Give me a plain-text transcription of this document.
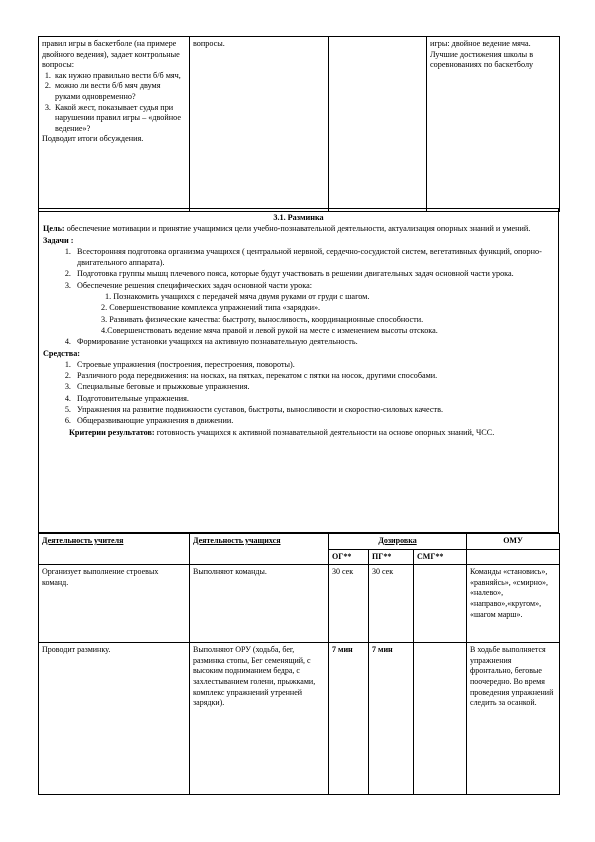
правил игры в баскетболе (на примере двойного ведения), задает контрольные вопросы:
1. как нужно правильно вести б/б мяч,
2. можно ли вести б/б мяч двумя руками одновременно?
3. Какой жест, показывает судья при нарушении правил игры – «двойное ведение»?
Подводит итоги обсуждения.
	вопросы.		игры: двойное ведение мяча. Лучшие достижения школы в соревнованиях по баскетболу

3.1. Разминка

Цель: обеспечение мотивации и принятие учащимися цели учебно-познавательной деятельности, актуализация опорных знаний и умений.

Задачи :

1. Всесторонняя подготовка организма учащихся ( центральной нервной, сердечно-сосудистой систем, вегетативных функций, опорно-двигательного аппарата).
2. Подготовка группы мышц плечевого пояса, которые будут участвовать в решении двигательных задач основной части урока.
3. Обеспечение решения специфических задач основной части урока:
1. Познакомить учащихся с передачей мяча двумя руками от груди с шагом.
2. Совершенствование комплекса упражнений типа «зарядки».
3. Развивать физические качества: быстроту, выносливость, координационные способности.
4.Совершенствовать ведение мяча правой и левой рукой на месте с изменением высоты отскока.
4. Формирование установки учащихся на активную познавательную деятельность.

Средства:

1. Строевые упражнения (построения, перестроения, повороты).
2. Различного рода передвижения: на носках, на пятках, перекатом с пятки на носок, другими способами.
3. Специальные беговые и прыжковые упражнения.
4. Подготовительные упражнения.
5. Упражнения на развитие подвижности суставов, быстроты, выносливости и скоростно-силовых качеств.
6. Общеразвивающие упражнения в движении.

Критерии результатов: готовность учащихся к активной познавательной деятельности на основе опорных знаний, ЧСС.

Деятельность учителя	Деятельность учащихся	Дозировка			ОМУ
		ОГ**	ПГ**	СМГ**	
Организует выполнение строевых команд.	Выполняют команды.	30 сек	30 сек		Команды «становись», «равняйсь», «смирно», «налево», «направо»,«кругом», «шагом марш».
Проводит разминку.	Выполняют ОРУ (ходьба, бег, разминка стопы, Бег семенящий, с высоким подниманием бедра, с захлестыванием голени, прыжками, комплекс упражнений утренней зарядки).	7 мин	7 мин		В ходьбе выполняется упражнения фронтально, беговые поочередно. Во время проведения упражнений следить за осанкой.
